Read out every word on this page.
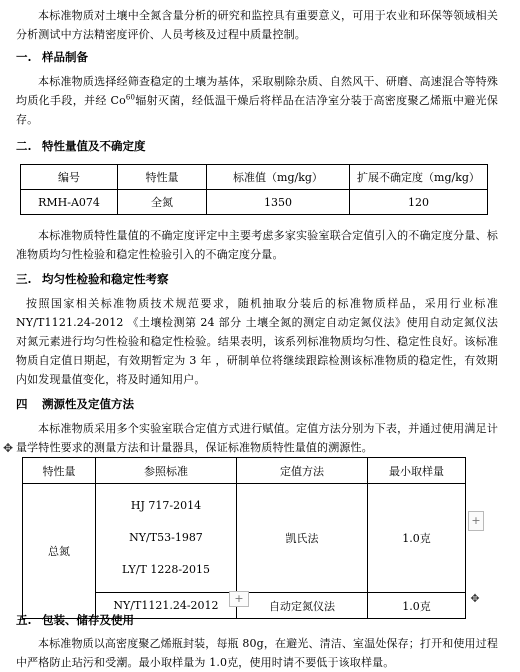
本标准物质对土壤中全氮含量分析的研究和监控具有重要意义，可用于农业和环保等领域相关分析测试中方法精密度评价、人员考核及过程中质量控制。

一. 样品制备

本标准物质选择经筛查稳定的土壤为基体，采取剔除杂质、自然风干、研磨、高速混合等特殊均质化手段，并经 Co$^{60}$辐射灭菌，经低温干燥后将样品在洁净室分装于高密度聚乙烯瓶中避光保存。

二. 特性量值及不确定度
编号	特性量	标准值（mg/kg）	扩展不确定度（mg/kg）
RMH-A074	全氮	1350	120

本标准物质特性量值的不确定度评定中主要考虑多家实验室联合定值引入的不确定度分量、标准物质均匀性检验和稳定性检验引入的不确定度分量。

三. 均匀性检验和稳定性考察

按照国家相关标准物质技术规范要求，随机抽取分装后的标准物质样品，采用行业标准NY/T1121.24-2012 《土壤检测第 24 部分 土壤全氮的测定自动定氮仪法》使用自动定氮仪法对氮元素进行均匀性检验和稳定性检验。结果表明，该系列标准物质均匀性、稳定性良好。该标准物质自定值日期起，有效期暂定为 3 年 ，研制单位将继续跟踪检测该标准物质的稳定性，有效期内如发现量值变化，将及时通知用户。

四 溯源性及定值方法

本标准物质采用多个实验室联合定值方式进行赋值。定值方法分别为下表，并通过使用满足计量学特性要求的测量方法和计量器具，保证标准物质特性量值的溯源性。

✥
特性量	参照标准	定值方法	最小取样量
总氮	HJ 717-2014
NY/T53-1987
LY/T 1228-2015	凯氏法	1.0克
	NY/T1121.24-2012	自动定氮仪法	1.0克
+
+	✥
五. 包装、储存及使用

本标准物质以高密度聚乙烯瓶封装，每瓶 80g，在避光、清洁、室温处保存；打开和使用过程中严格防止玷污和受潮。最小取样量为 1.0克，使用时请不要低于该取样量。
